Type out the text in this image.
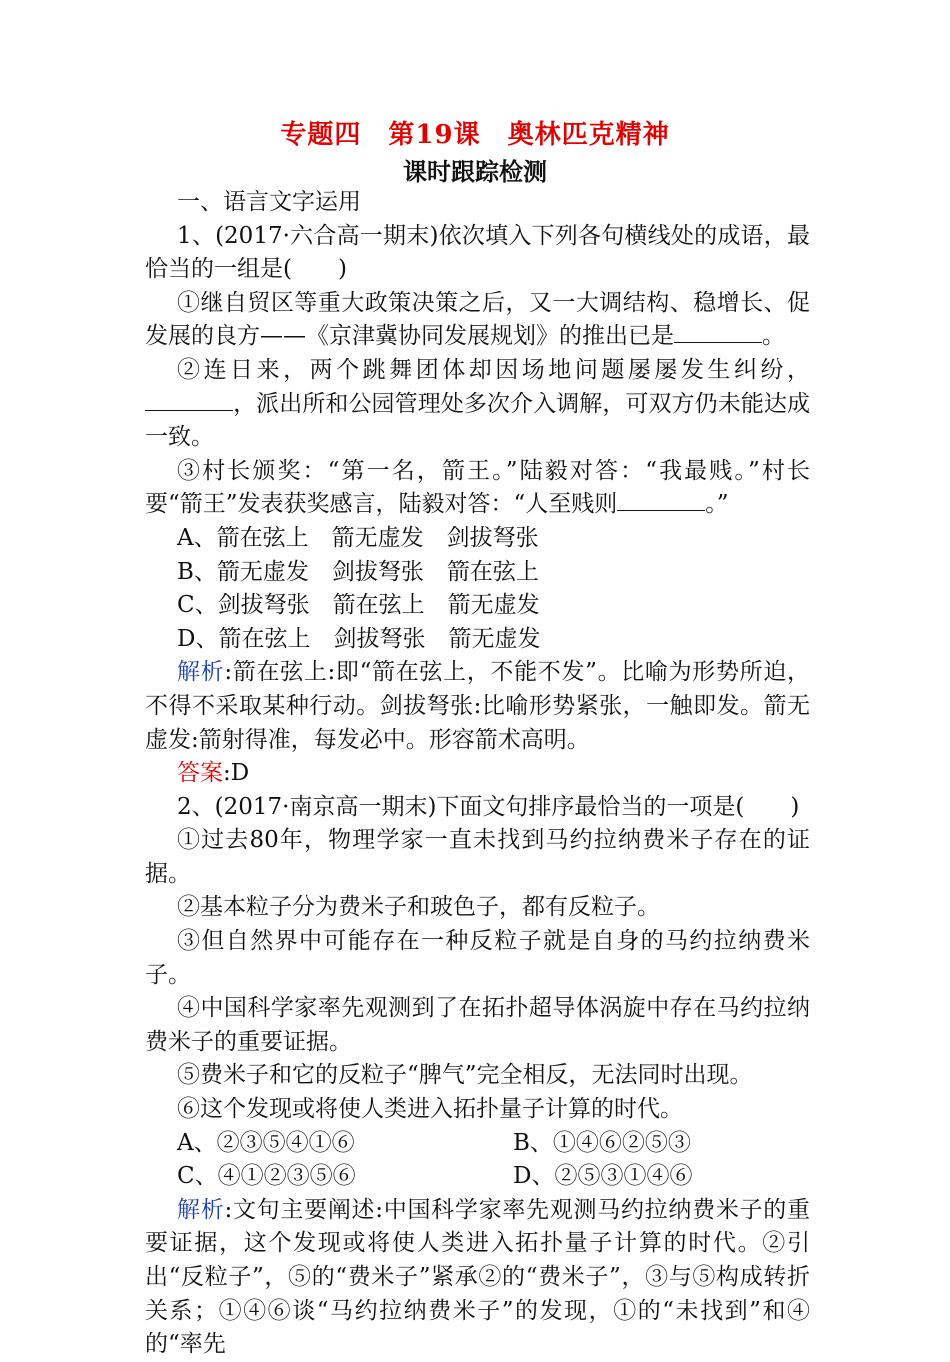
专题四　第19课　奥林匹克精神
课时跟踪检测

一、语言文字运用

1、(2017·六合高一期末)依次填入下列各句横线处的成语，最恰当的一组是(　　)

①继自贸区等重大政策决策之后，又一大调结构、稳增长、促发展的良方——《京津冀协同发展规划》的推出已是	。

②连日来，两个跳舞团体却因场地问题屡屡发生纠纷，，派出所和公园管理处多次介入调解，可双方仍未能达成一致。

③村长颁奖：“第一名，箭王。”陆毅对答：“我最贱。”村长要“箭王”发表获奖感言，陆毅对答：“人至贱则	。”

A、箭在弦上　箭无虚发　剑拔弩张

B、箭无虚发　剑拔弩张　箭在弦上

C、剑拔弩张　箭在弦上　箭无虚发

D、箭在弦上　剑拔弩张　箭无虚发

解析:箭在弦上:即“箭在弦上，不能不发”。比喻为形势所迫，不得不采取某种行动。剑拔弩张:比喻形势紧张，一触即发。箭无虚发:箭射得准，每发必中。形容箭术高明。

答案:D

2、(2017·南京高一期末)下面文句排序最恰当的一项是(　　)

①过去80年，物理学家一直未找到马约拉纳费米子存在的证据。

②基本粒子分为费米子和玻色子，都有反粒子。

③但自然界中可能存在一种反粒子就是自身的马约拉纳费米子。

④中国科学家率先观测到了在拓扑超导体涡旋中存在马约拉纳费米子的重要证据。

⑤费米子和它的反粒子“脾气”完全相反，无法同时出现。

⑥这个发现或将使人类进入拓扑量子计算的时代。

A、②③⑤④①⑥	B、①④⑥②⑤③
C、④①②③⑤⑥	D、②⑤③①④⑥

解析:文句主要阐述:中国科学家率先观测马约拉纳费米子的重要证据，这个发现或将使人类进入拓扑量子计算的时代。②引出“反粒子”，⑤的“费米子”紧承②的“费米子”，③与⑤构成转折关系；①④⑥谈“马约拉纳费米子”的发现，①的“未找到”和④的“率先
